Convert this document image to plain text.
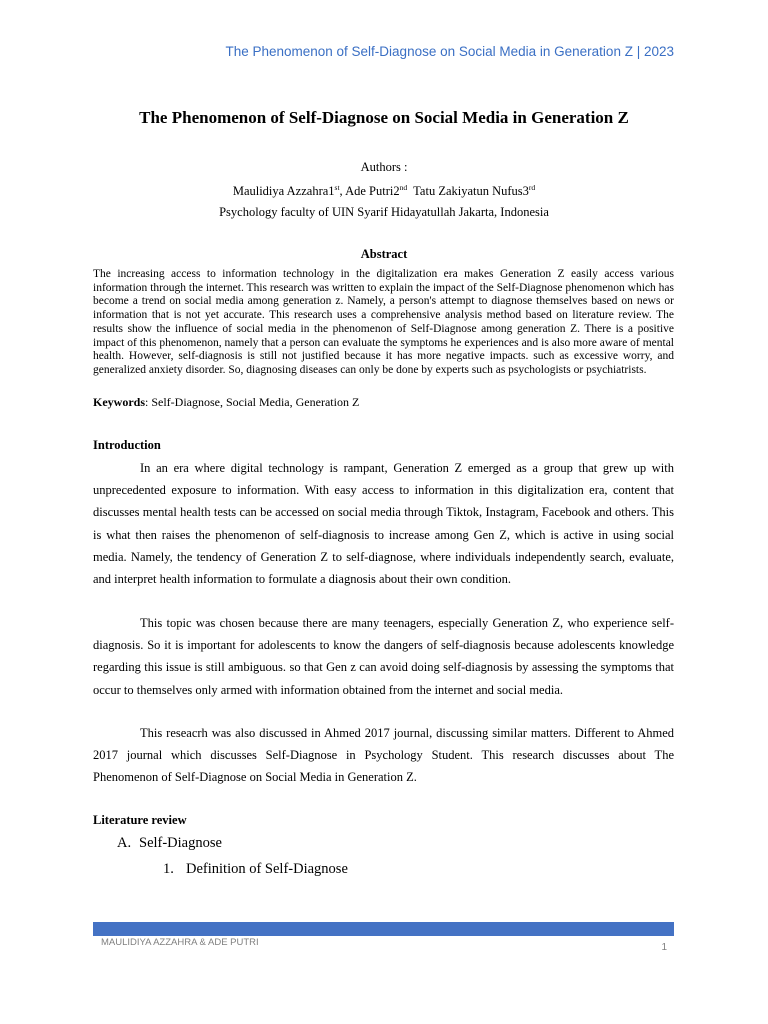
The Phenomenon of Self-Diagnose on Social Media in Generation Z | 2023
The Phenomenon of Self-Diagnose on Social Media in Generation Z
Authors :
Maulidiya Azzahra1st, Ade Putri2nd Tatu Zakiyatun Nufus3rd
Psychology faculty of UIN Syarif Hidayatullah Jakarta, Indonesia
Abstract

The increasing access to information technology in the digitalization era makes Generation Z easily access various information through the internet. This research was written to explain the impact of the Self-Diagnose phenomenon which has become a trend on social media among generation z. Namely, a person's attempt to diagnose themselves based on news or information that is not yet accurate. This research uses a comprehensive analysis method based on literature review. The results show the influence of social media in the phenomenon of Self-Diagnose among generation Z. There is a positive impact of this phenomenon, namely that a person can evaluate the symptoms he experiences and is also more aware of mental health. However, self-diagnosis is still not justified because it has more negative impacts. such as excessive worry, and generalized anxiety disorder. So, diagnosing diseases can only be done by experts such as psychologists or psychiatrists.

Keywords: Self-Diagnose, Social Media, Generation Z
Introduction

In an era where digital technology is rampant, Generation Z emerged as a group that grew up with unprecedented exposure to information. With easy access to information in this digitalization era, content that discusses mental health tests can be accessed on social media through Tiktok, Instagram, Facebook and others. This is what then raises the phenomenon of self-diagnosis to increase among Gen Z, which is active in using social media. Namely, the tendency of Generation Z to self-diagnose, where individuals independently search, evaluate, and interpret health information to formulate a diagnosis about their own condition.

This topic was chosen because there are many teenagers, especially Generation Z, who experience self-diagnosis. So it is important for adolescents to know the dangers of self-diagnosis because adolescents knowledge regarding this issue is still ambiguous. so that Gen z can avoid doing self-diagnosis by assessing the symptoms that occur to themselves only armed with information obtained from the internet and social media.

This reseacrh was also discussed in Ahmed 2017 journal, discussing similar matters. Different to Ahmed 2017 journal which discusses Self-Diagnose in Psychology Student. This research discusses about The Phenomenon of Self-Diagnose on Social Media in Generation Z.

Literature review
A. Self-Diagnose
1. Definition of Self-Diagnose
MAULIDIYA AZZAHRA & ADE PUTRI	1
